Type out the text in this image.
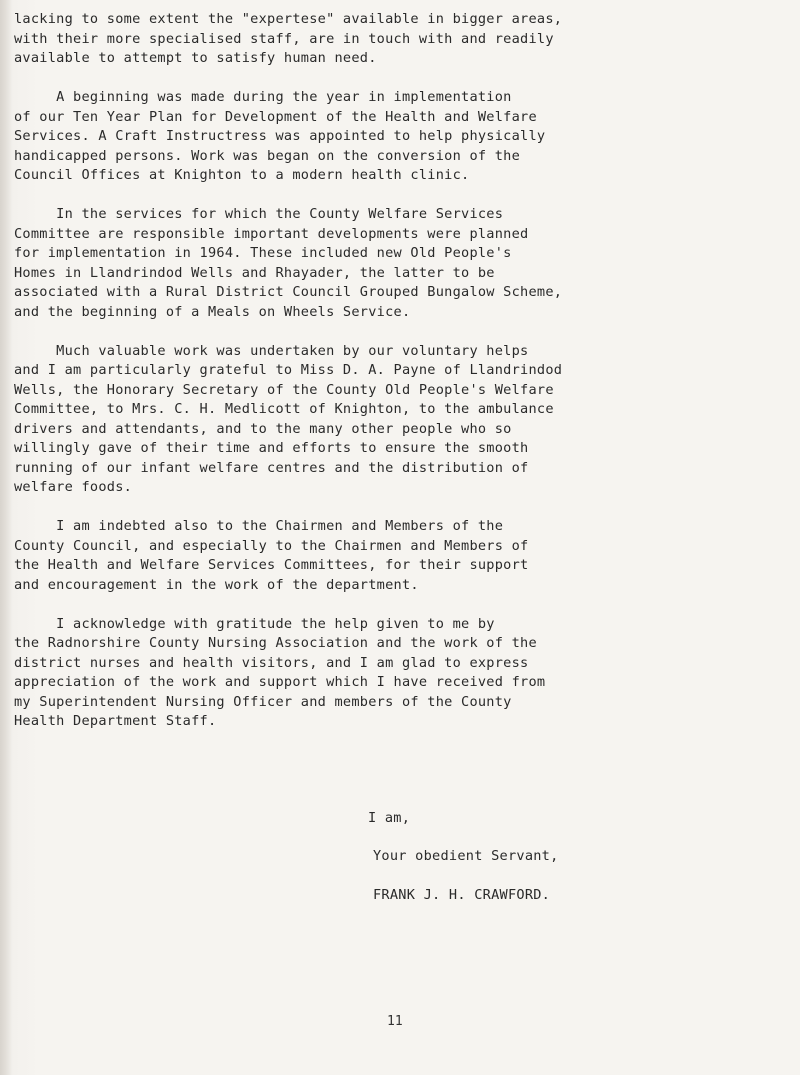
lacking to some extent the "expertese" available in bigger areas,
with their more specialised staff, are in touch with and readily
available to attempt to satisfy human need.
A beginning was made during the year in implementation
of our Ten Year Plan for Development of the Health and Welfare
Services. A Craft Instructress was appointed to help physically
handicapped persons. Work was began on the conversion of the
Council Offices at Knighton to a modern health clinic.
In the services for which the County Welfare Services
Committee are responsible important developments were planned
for implementation in 1964. These included new Old People's
Homes in Llandrindod Wells and Rhayader, the latter to be
associated with a Rural District Council Grouped Bungalow Scheme,
and the beginning of a Meals on Wheels Service.
Much valuable work was undertaken by our voluntary helps
and I am particularly grateful to Miss D. A. Payne of Llandrindod
Wells, the Honorary Secretary of the County Old People's Welfare
Committee, to Mrs. C. H. Medlicott of Knighton, to the ambulance
drivers and attendants, and to the many other people who so
willingly gave of their time and efforts to ensure the smooth
running of our infant welfare centres and the distribution of
welfare foods.
I am indebted also to the Chairmen and Members of the
County Council, and especially to the Chairmen and Members of
the Health and Welfare Services Committees, for their support
and encouragement in the work of the department.
I acknowledge with gratitude the help given to me by
the Radnorshire County Nursing Association and the work of the
district nurses and health visitors, and I am glad to express
appreciation of the work and support which I have received from
my Superintendent Nursing Officer and members of the County
Health Department Staff.
I am,
Your obedient Servant,
FRANK J. H. CRAWFORD.
11
